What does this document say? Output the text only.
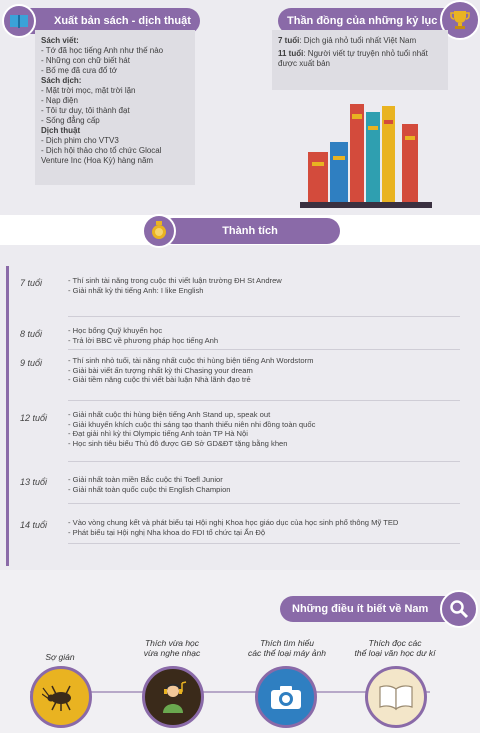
Xuất bản sách - dịch thuật
Sách viết:
- Tớ đã học tiếng Anh như thế nào
- Những con chữ biết hát
- Bố mẹ đã cưa đổ tớ
Sách dịch:
- Mặt trời mọc, mặt trời lặn
- Nạp điện
- Tôi tư duy, tôi thành đạt
- Sống đẳng cấp
Dịch thuật
- Dịch phim cho VTV3
- Dịch hội thảo cho tổ chức Glocal
Venture Inc (Hoa Kỳ) hàng năm
Thần đồng của những kỷ lục
7 tuổi: Dịch giả nhỏ tuổi nhất Việt Nam
11 tuổi: Người viết tự truyện nhỏ tuổi nhất được xuất bản
Thành tích
7 tuổi	- Thí sinh tài năng trong cuộc thi viết luận trường ĐH St Andrew
- Giải nhất kỳ thi tiếng Anh: I like English
8 tuổi	- Học bổng Quỹ khuyến học
- Trả lời BBC về phương pháp học tiếng Anh
9 tuổi	- Thí sinh nhỏ tuổi, tài năng nhất cuộc thi hùng biện tiếng Anh Wordstorm
- Giải bài viết ấn tượng nhất kỳ thi Chasing your dream
- Giải tiềm năng cuộc thi viết bài luận Nhà lãnh đạo trẻ
12 tuổi	- Giải nhất cuộc thi hùng biện tiếng Anh Stand up, speak out
- Giải khuyến khích cuộc thi sáng tạo thanh thiếu niên nhi đồng toàn quốc
- Đạt giải nhì kỳ thi Olympic tiếng Anh toàn TP Hà Nội
- Học sinh tiêu biểu Thủ đô được GĐ Sở GD&ĐT tặng bằng khen
13 tuổi	- Giải nhất toàn miền Bắc cuộc thi Toefl Junior
- Giải nhất toàn quốc cuộc thi English Champion
14 tuổi	- Vào vòng chung kết và phát biểu tại Hội nghị Khoa học giáo dục của học sinh phổ thông Mỹ TED
- Phát biểu tại Hội nghị Nha khoa do FDI tổ chức tại Ấn Độ
Những điều ít biết về Nam
Sợ gián
Thích vừa học
vừa nghe nhạc
Thích tìm hiểu
các thể loại máy ảnh
Thích đọc các
thể loại văn học dư kí
